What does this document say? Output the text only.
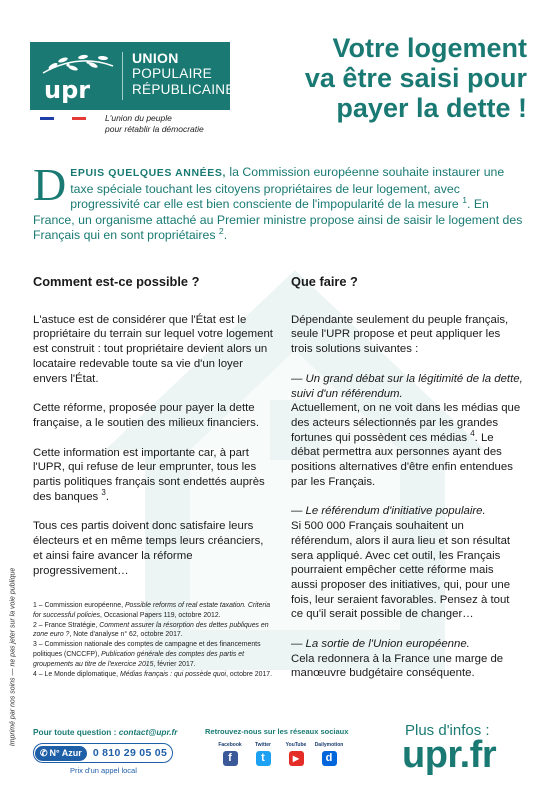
upr
UNION
POPULAIRE
RÉPUBLICAINE
L'union du peuple
pour rétablir la démocratie
Votre logement
va être saisi pour
payer la dette !
DEPUIS QUELQUES ANNÉES, la Commission européenne souhaite instaurer une taxe spéciale touchant les citoyens propriétaires de leur logement, avec progressivité car elle est bien consciente de l'impopularité de la mesure $^1$. En France, un organisme attaché au Premier ministre propose ainsi de saisir le logement des Français qui en sont propriétaires $^2$.
Comment est-ce possible ?

L'astuce est de considérer que l'État est le propriétaire du terrain sur lequel votre logement est construit : tout propriétaire devient alors un locataire redevable toute sa vie d'un loyer envers l'État.

Cette réforme, proposée pour payer la dette française, a le soutien des milieux financiers.

Cette information est importante car, à part l'UPR, qui refuse de leur emprunter, tous les partis politiques français sont endettés auprès des banques $^3$.

Tous ces partis doivent donc satisfaire leurs électeurs et en même temps leurs créanciers, et ainsi faire avancer la réforme progressivement…

Que faire ?

Dépendante seulement du peuple français, seule l'UPR propose et peut appliquer les trois solutions suivantes :

— Un grand débat sur la légitimité de la dette, suivi d'un référendum.
Actuellement, on ne voit dans les médias que des acteurs sélectionnés par les grandes fortunes qui possèdent ces médias $^4$. Le débat permettra aux personnes ayant des positions alternatives d'être enfin entendues par les Français.

— Le référendum d'initiative populaire.
Si 500 000 Français souhaitent un référendum, alors il aura lieu et son résultat sera appliqué. Avec cet outil, les Français pourraient empêcher cette réforme mais aussi proposer des initiatives, qui, pour une fois, leur seraient favorables. Pensez à tout ce qu'il serait possible de changer…

— La sortie de l'Union européenne.
Cela redonnera à la France une marge de manœuvre budgétaire conséquente.

1 – Commission européenne, Possible reforms of real estate taxation. Criteria for successful policies, Occasional Papers 119, octobre 2012.
2 – France Stratégie, Comment assurer la résorption des dettes publiques en zone euro ?, Note d'analyse n° 62, octobre 2017.
3 – Commission nationale des comptes de campagne et des financements politiques (CNCCFP), Publication générale des comptes des partis et groupements au titre de l'exercice 2015, février 2017.
4 – Le Monde diplomatique, Médias français : qui possède quoi, octobre 2017.
Imprimé par nos soins — ne pas jeter sur la voie publique Pour toute question : contact@upr.fr
✆ N° Azur 0 810 29 05 05
Prix d'un appel local
Retrouvez-nous sur les réseaux sociaux
Facebook
f
Twitter
t
YouTube
▶
Dailymotion
d
Plus d'infos :
upr.fr
